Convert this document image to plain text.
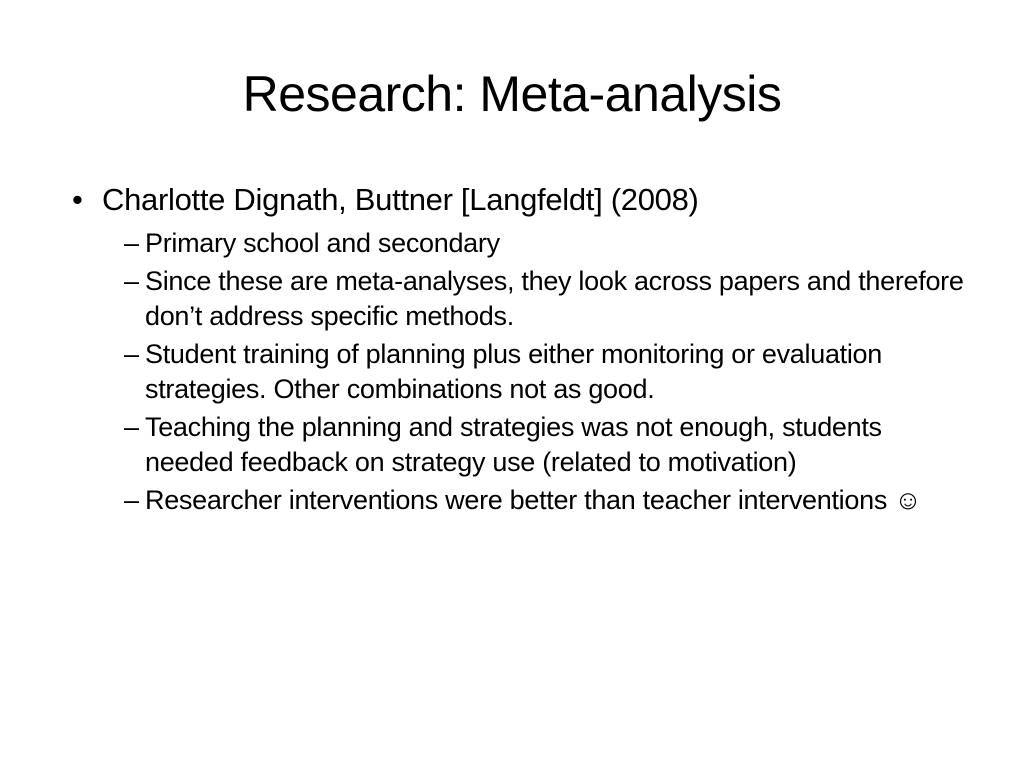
Research: Meta-analysis
• Charlotte Dignath, Buttner [Langfeldt] (2008)
– Primary school and secondary
– Since these are meta-analyses, they look across papers and therefore don’t address specific methods.
– Student training of planning plus either monitoring or evaluation strategies. Other combinations not as good.
– Teaching the planning and strategies was not enough, students needed feedback on strategy use (related to motivation)
– Researcher interventions were better than teacher interventions ☺
